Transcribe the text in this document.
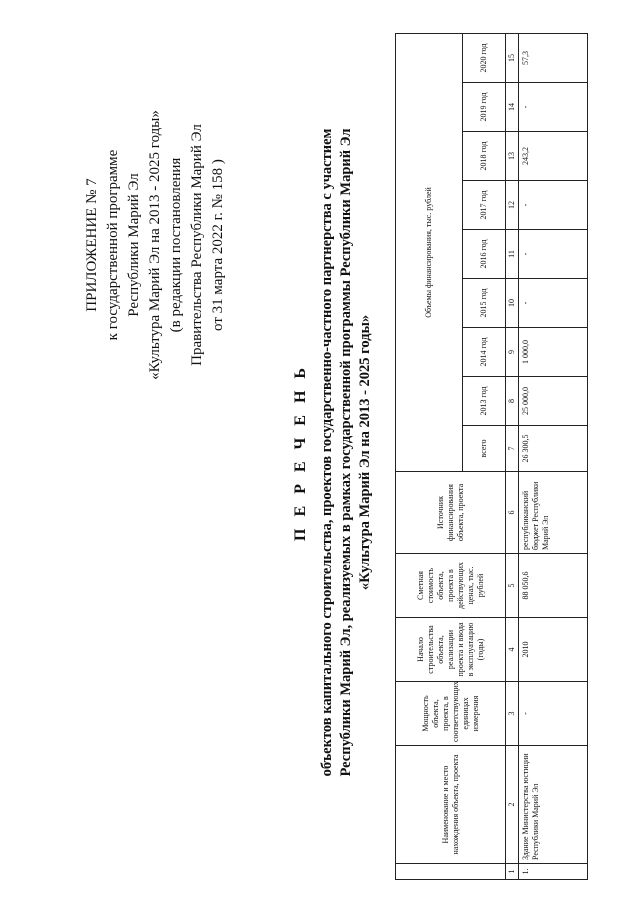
ПРИЛОЖЕНИЕ № 7 к государственной программе Республики Марий Эл «Культура Марий Эл на 2013 - 2025 годы» (в редакции постановления Правительства Республики Марий Эл от 31 марта 2022 г. № 158 )
П Е Р Е Ч Е Н Ь объектов капитального строительства, проектов государственно-частного партнерства с участием Республики Марий Эл, реализуемых в рамках государственной программы Республики Марий Эл «Культура Марий Эл на 2013 - 2025 годы»
	Наименование и место нахождения объекта, проекта	Мощность объекта, проекта, в соответствующих единицах измерения	Начало строительства объекта, реализации проекта и ввода в эксплуатацию (годы)	Сметная стоимость объекта, проекта в действующих ценах, тыс. рублей	Источник финансирования объекта, проекта	Объемы финансирования, тыс. рублей								
						всего	2013 год	2014 год	2015 год	2016 год	2017 год	2018 год	2019 год	2020 год
1	2	3	4	5	6	7	8	9	10	11	12	13	14	15
1.	Здание Министерства юстиции Республики Марий Эл	-	2010	88 050,6	республиканский бюджет Республики Марий Эл	26 300,5	25 000,0	1 000,0	-	-	-	243,2	-	57,3
